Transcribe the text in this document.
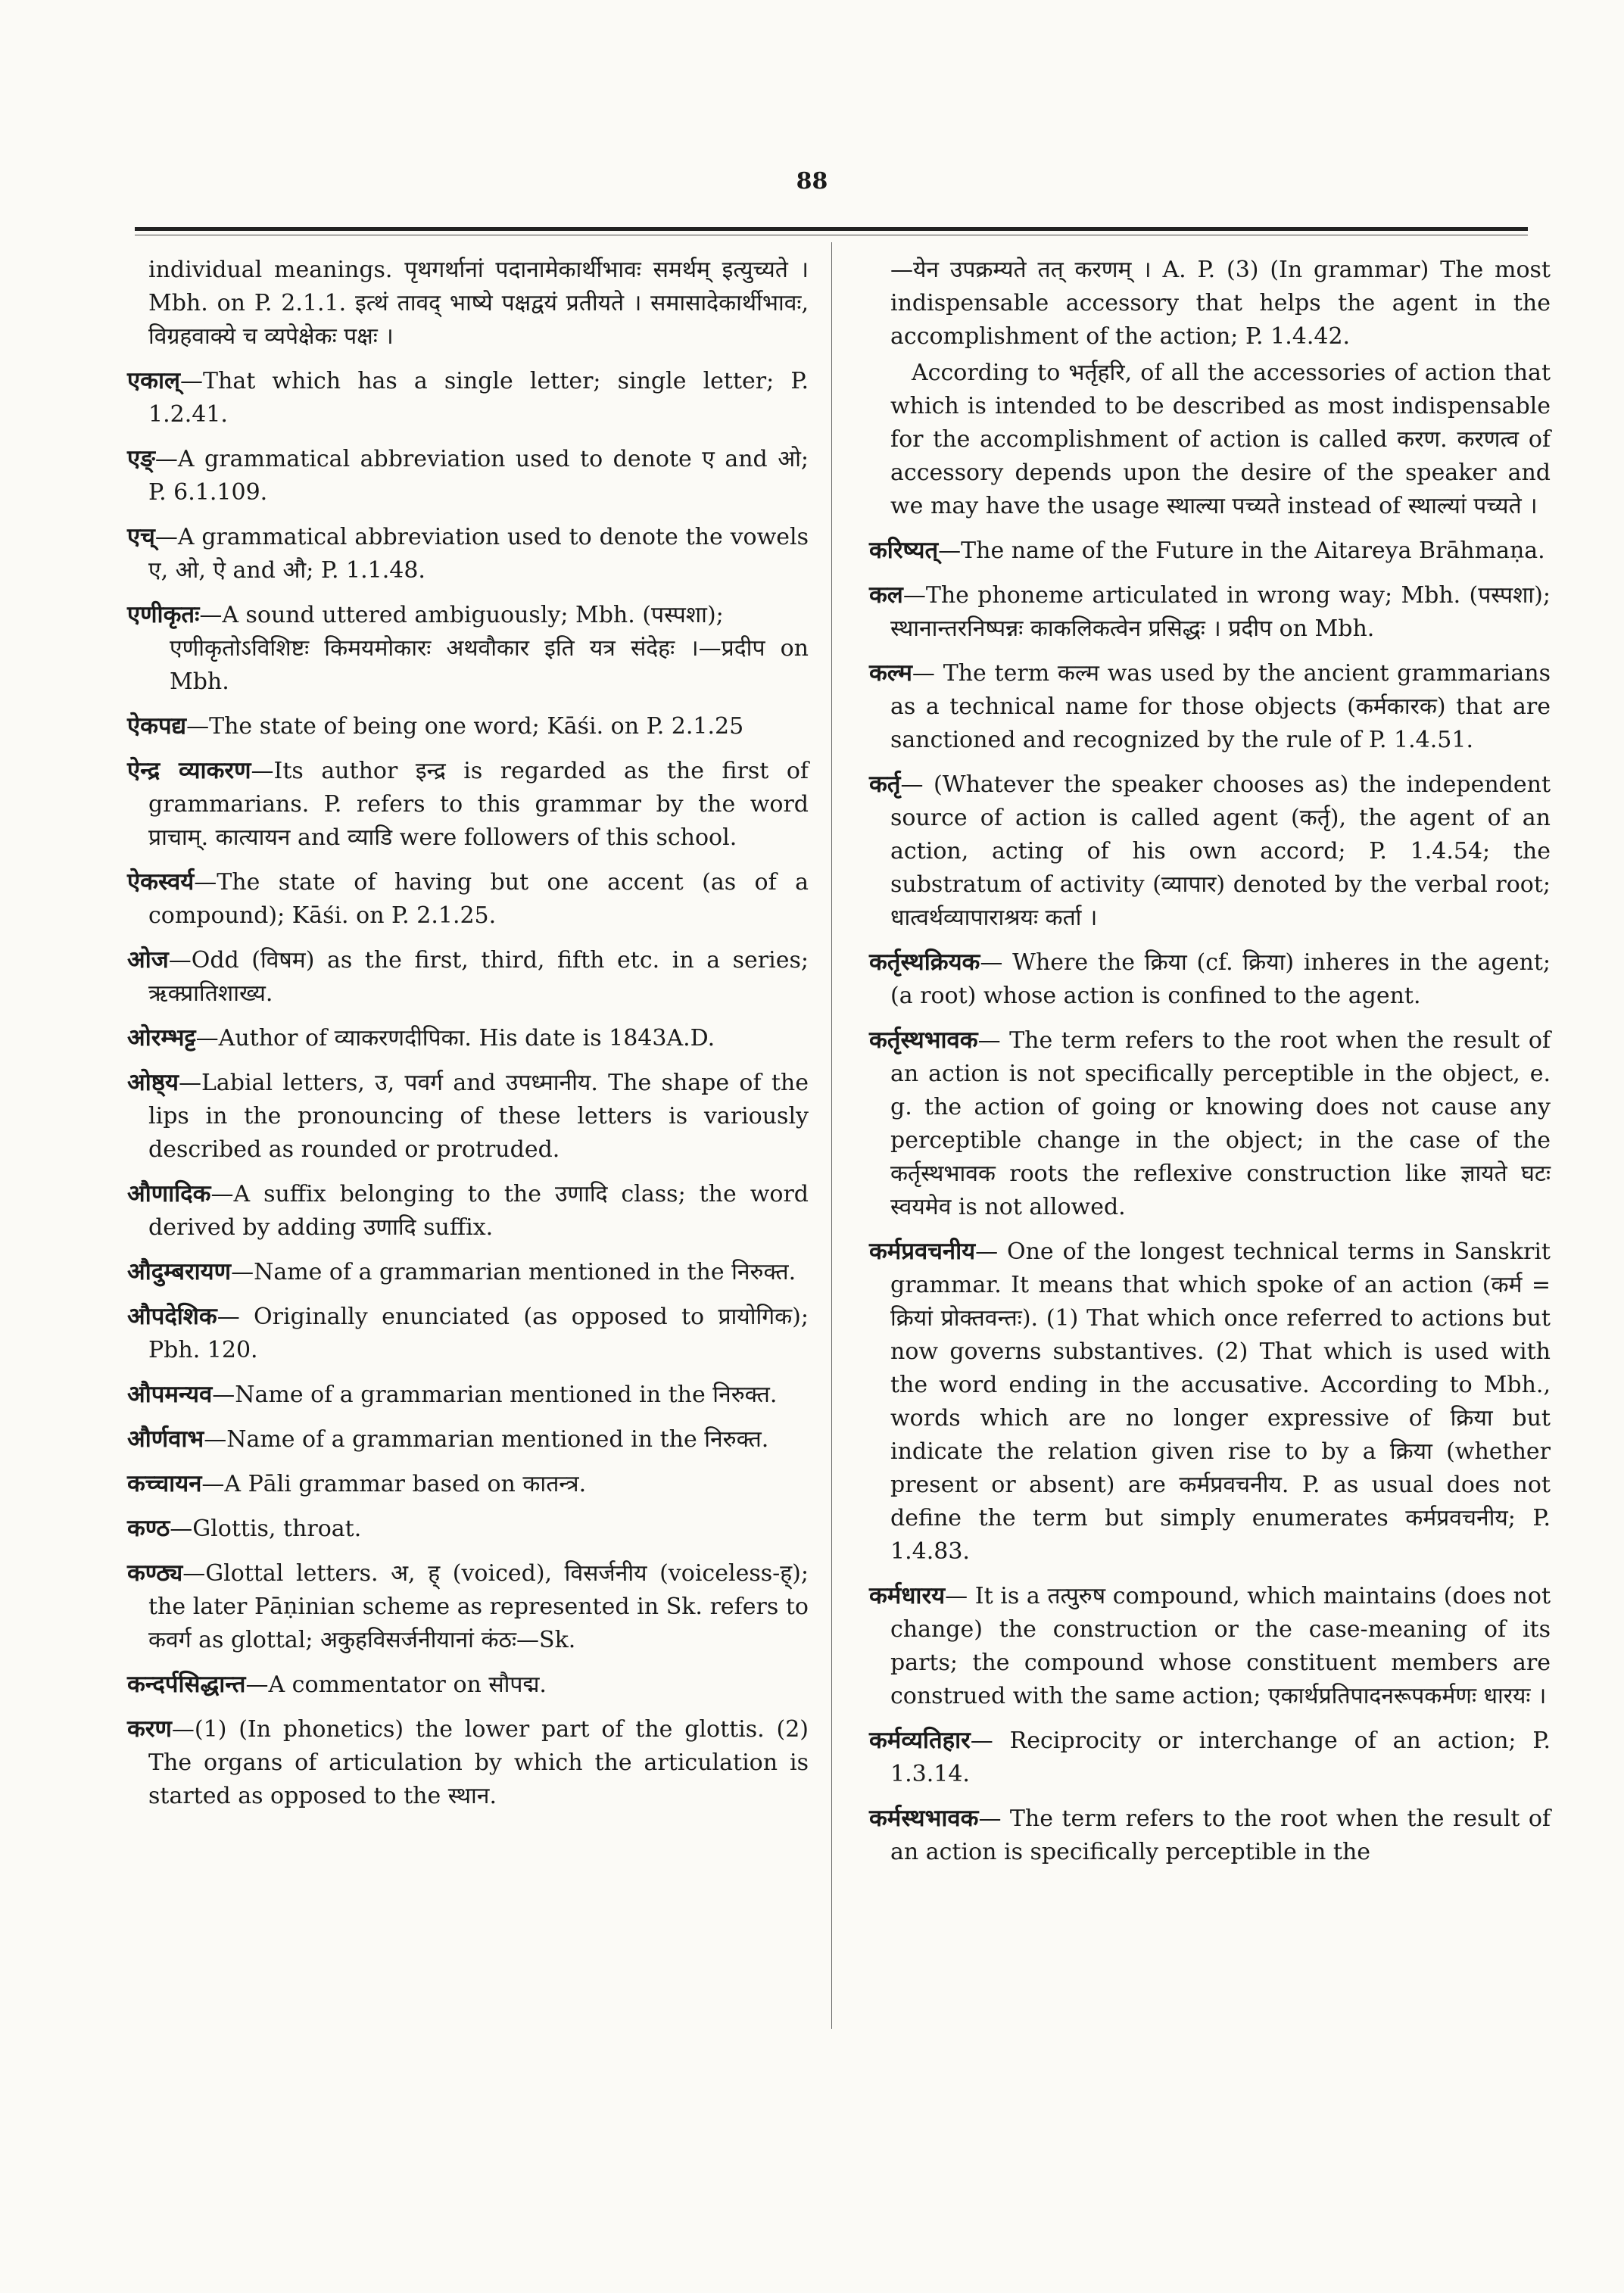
88

individual meanings. पृथगर्थानां पदानामेकार्थीभावः समर्थम् इत्युच्यते । Mbh. on P. 2.1.1. इत्थं तावद् भाष्ये पक्षद्वयं प्रतीयते । समासादेकार्थीभावः, विग्रहवाक्ये च व्यपेक्षेकः पक्षः ।

एकाल्—That which has a single letter; single letter; P. 1.2.41.

एङ्—A grammatical abbreviation used to denote ए and ओ; P. 6.1.109.

एच्—A grammatical abbreviation used to denote the vowels ए, ओ, ऐ and औ; P. 1.1.48.

एणीकृतः—A sound uttered ambiguously; Mbh. (पस्पशा);
एणीकृतोऽविशिष्टः किमयमोकारः अथवौकार इति यत्र संदेहः ।—प्रदीप on Mbh.

ऐकपद्य—The state of being one word; Kāśi. on P. 2.1.25

ऐन्द्र व्याकरण—Its author इन्द्र is regarded as the first of grammarians. P. refers to this grammar by the word प्राचाम्. कात्यायन and व्याडि were followers of this school.

ऐकस्वर्य—The state of having but one accent (as of a compound); Kāśi. on P. 2.1.25.

ओज—Odd (विषम) as the first, third, fifth etc. in a series; ऋक्प्रातिशाख्य.

ओरम्भट्ट—Author of व्याकरणदीपिका. His date is 1843A.D.

ओष्ठ्य—Labial letters, उ, पवर्ग and उपध्मानीय. The shape of the lips in the pronouncing of these letters is variously described as rounded or protruded.

औणादिक—A suffix belonging to the उणादि class; the word derived by adding उणादि suffix.

औदुम्बरायण—Name of a grammarian mentioned in the निरुक्त.

औपदेशिक— Originally enunciated (as opposed to प्रायोगिक); Pbh. 120.

औपमन्यव—Name of a grammarian mentioned in the निरुक्त.

और्णवाभ—Name of a grammarian mentioned in the निरुक्त.

कच्चायन—A Pāli grammar based on कातन्त्र.

कण्ठ—Glottis, throat.

कण्ठ्य—Glottal letters. अ, ह् (voiced), विसर्जनीय (voiceless-ह्); the later Pāṇinian scheme as represented in Sk. refers to कवर्ग as glottal; अकुहविसर्जनीयानां कंठः—Sk.

कन्दर्पसिद्धान्त—A commentator on सौपद्म.

करण—(1) (In phonetics) the lower part of the glottis. (2) The organs of articulation by which the articulation is started as opposed to the स्थान.

—येन उपक्रम्यते तत् करणम् । A. P. (3) (In grammar) The most indispensable accessory that helps the agent in the accomplishment of the action; P. 1.4.42.
According to भर्तृहरि, of all the accessories of action that which is intended to be described as most indispensable for the accomplishment of action is called करण. करणत्व of accessory depends upon the desire of the speaker and we may have the usage स्थाल्या पच्यते instead of स्थाल्यां पच्यते ।

करिष्यत्—The name of the Future in the Aitareya Brāhmaṇa.

कल—The phoneme articulated in wrong way; Mbh. (पस्पशा); स्थानान्तरनिष्पन्नः काकलिकत्वेन प्रसिद्धः । प्रदीप on Mbh.

कल्म— The term कल्म was used by the ancient grammarians as a technical name for those objects (कर्मकारक) that are sanctioned and recognized by the rule of P. 1.4.51.

कर्तृ— (Whatever the speaker chooses as) the independent source of action is called agent (कर्तृ), the agent of an action, acting of his own accord; P. 1.4.54; the substratum of activity (व्यापार) denoted by the verbal root; धात्वर्थव्यापाराश्रयः कर्ता ।

कर्तृस्थक्रियक— Where the क्रिया (cf. क्रिया) inheres in the agent; (a root) whose action is confined to the agent.

कर्तृस्थभावक— The term refers to the root when the result of an action is not specifically perceptible in the object, e. g. the action of going or knowing does not cause any perceptible change in the object; in the case of the कर्तृस्थभावक roots the reflexive construction like ज्ञायते घटः स्वयमेव is not allowed.

कर्मप्रवचनीय— One of the longest technical terms in Sanskrit grammar. It means that which spoke of an action (कर्म = क्रियां प्रोक्तवन्तः). (1) That which once referred to actions but now governs substantives. (2) That which is used with the word ending in the accusative. According to Mbh., words which are no longer expressive of क्रिया but indicate the relation given rise to by a क्रिया (whether present or absent) are कर्मप्रवचनीय. P. as usual does not define the term but simply enumerates कर्मप्रवचनीय; P. 1.4.83.

कर्मधारय— It is a तत्पुरुष compound, which maintains (does not change) the construction or the case-meaning of its parts; the compound whose constituent members are construed with the same action; एकार्थप्रतिपादनरूपकर्मणः धारयः ।

कर्मव्यतिहार— Reciprocity or interchange of an action; P. 1.3.14.

कर्मस्थभावक— The term refers to the root when the result of an action is specifically perceptible in the
